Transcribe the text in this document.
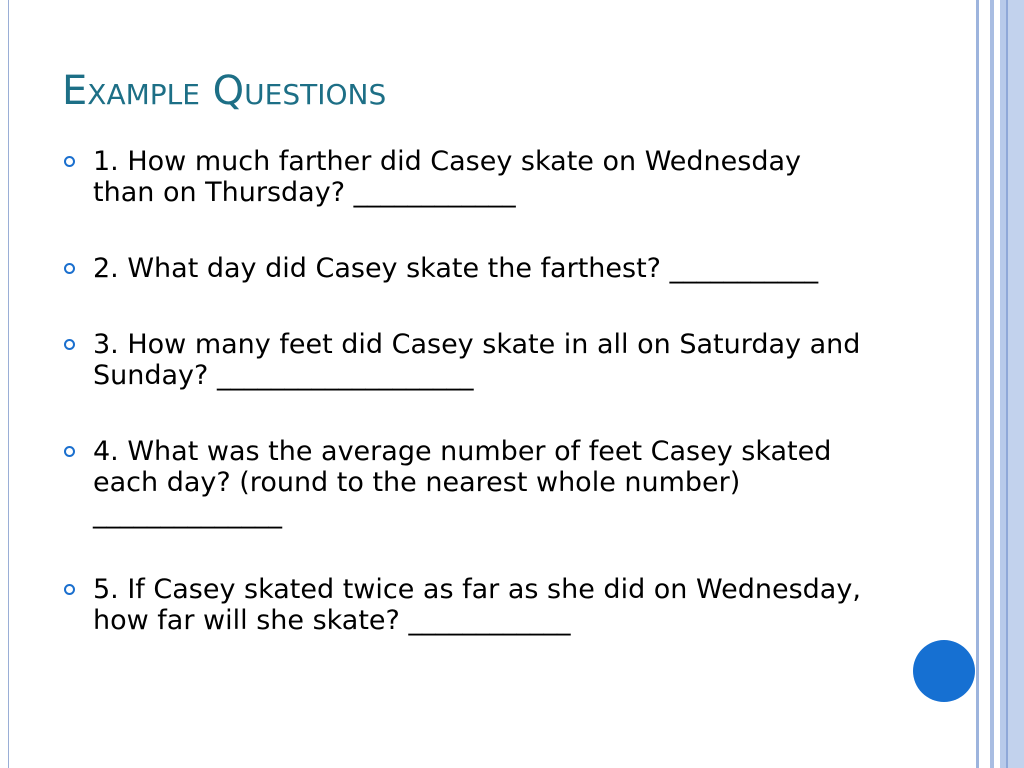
Example Questions
1. How much farther did Casey skate on Wednesday than on Thursday? ____________
2. What day did Casey skate the farthest? ___________
3. How many feet did Casey skate in all on Saturday and Sunday? ___________________
4. What was the average number of feet Casey skated each day? (round to the nearest whole number) ______________
5. If Casey skated twice as far as she did on Wednesday, how far will she skate? ____________
